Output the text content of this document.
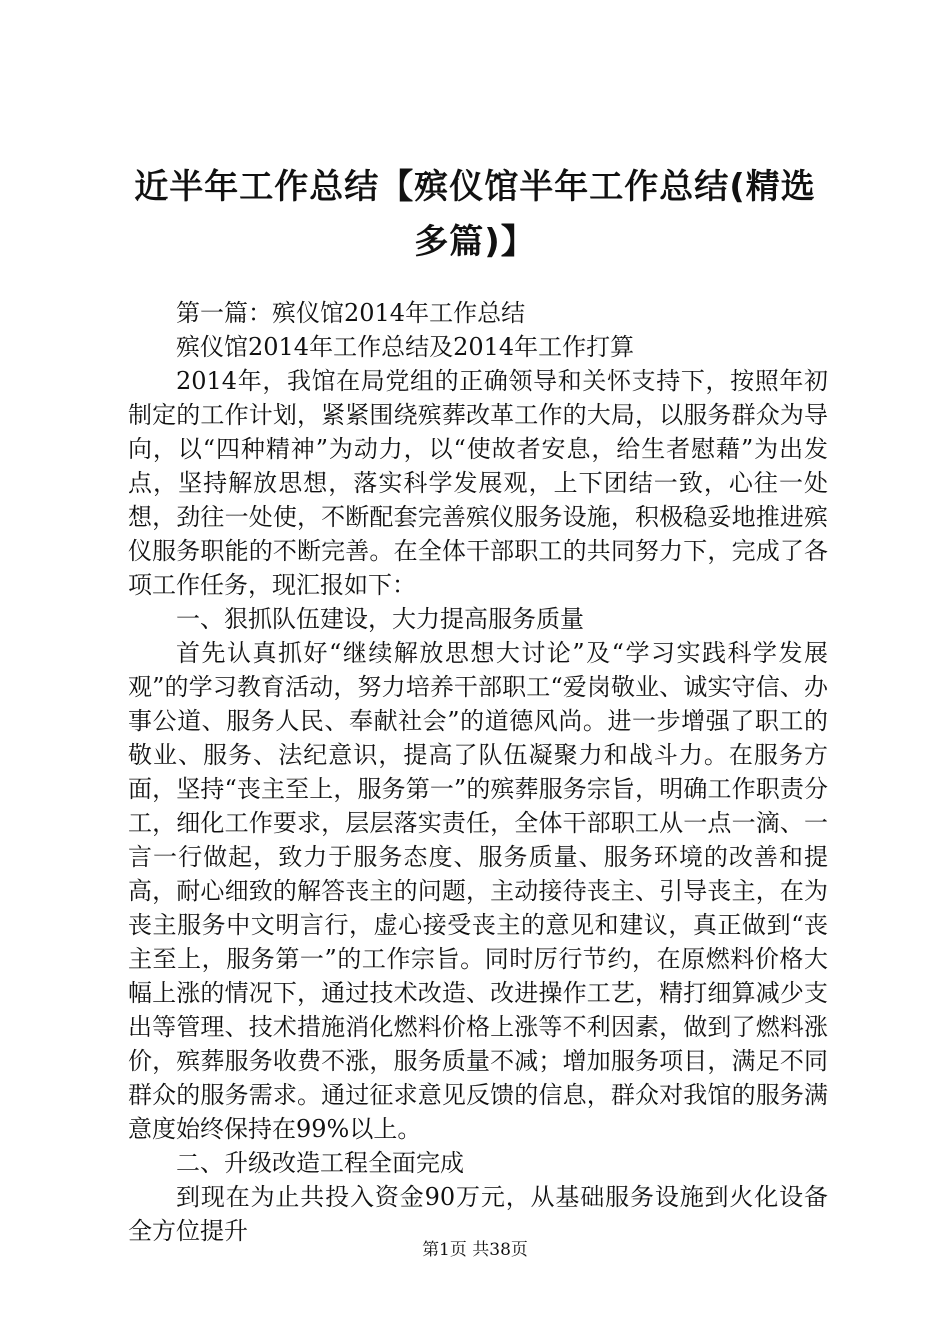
近半年工作总结【殡仪馆半年工作总结(精选多篇)】

第一篇：殡仪馆2014年工作总结

殡仪馆2014年工作总结及2014年工作打算

2014年，我馆在局党组的正确领导和关怀支持下，按照年初制定的工作计划，紧紧围绕殡葬改革工作的大局，以服务群众为导向，以“四种精神”为动力，以“使故者安息，给生者慰藉”为出发点，坚持解放思想，落实科学发展观，上下团结一致，心往一处想，劲往一处使，不断配套完善殡仪服务设施，积极稳妥地推进殡仪服务职能的不断完善。在全体干部职工的共同努力下，完成了各项工作任务，现汇报如下：

一、狠抓队伍建设，大力提高服务质量

首先认真抓好“继续解放思想大讨论”及“学习实践科学发展观”的学习教育活动，努力培养干部职工“爱岗敬业、诚实守信、办事公道、服务人民、奉献社会”的道德风尚。进一步增强了职工的敬业、服务、法纪意识，提高了队伍凝聚力和战斗力。在服务方面，坚持“丧主至上，服务第一”的殡葬服务宗旨，明确工作职责分工，细化工作要求，层层落实责任，全体干部职工从一点一滴、一言一行做起，致力于服务态度、服务质量、服务环境的改善和提高，耐心细致的解答丧主的问题，主动接待丧主、引导丧主，在为丧主服务中文明言行，虚心接受丧主的意见和建议，真正做到“丧主至上，服务第一”的工作宗旨。同时厉行节约，在原燃料价格大幅上涨的情况下，通过技术改造、改进操作工艺，精打细算减少支出等管理、技术措施消化燃料价格上涨等不利因素，做到了燃料涨价，殡葬服务收费不涨，服务质量不减；增加服务项目，满足不同群众的服务需求。通过征求意见反馈的信息，群众对我馆的服务满意度始终保持在99%以上。

二、升级改造工程全面完成

到现在为止共投入资金90万元，从基础服务设施到火化设备全方位提升

第1页 共38页
